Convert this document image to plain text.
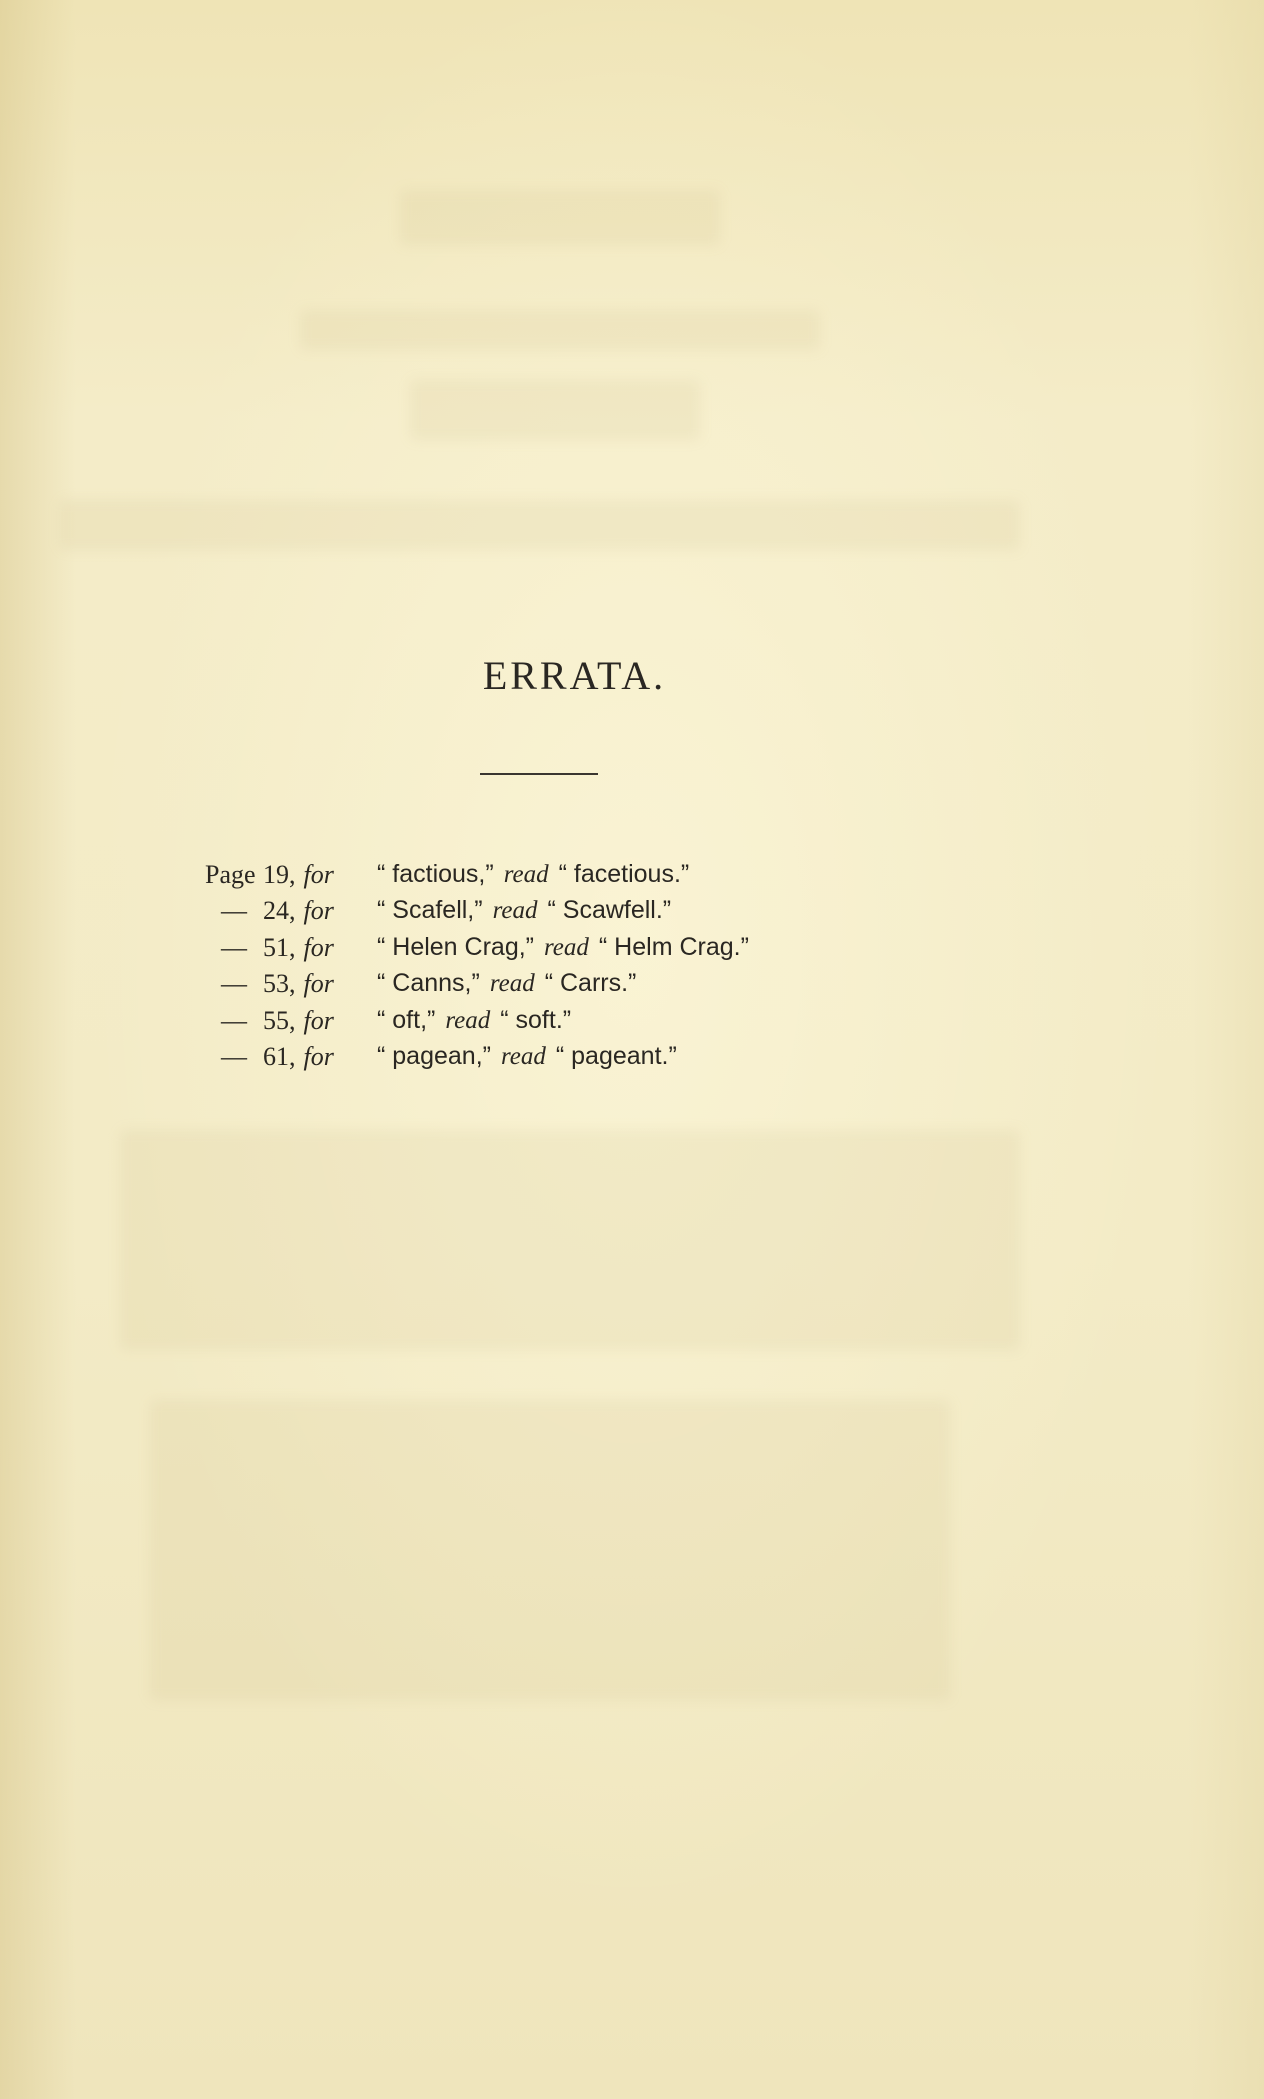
ERRATA.
Page 19, for	“ factious,” read “ facetious.”
— 24, for	“ Scafell,” read “ Scawfell.”
— 51, for	“ Helen Crag,” read “ Helm Crag.”
— 53, for	“ Canns,” read “ Carrs.”
— 55, for	“ oft,” read “ soft.”
— 61, for	“ pagean,” read “ pageant.”
